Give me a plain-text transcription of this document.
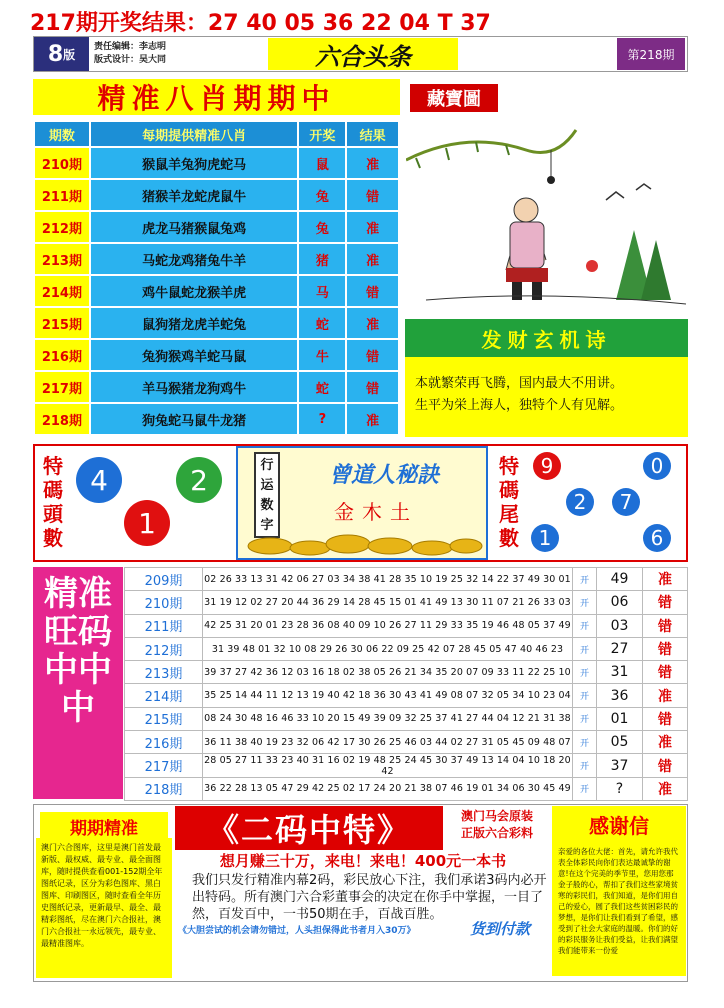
217期开奖结果：27 40 05 36 22 04 T 37
8 版
责任编辑：李志明
版式设计：吴大同	六合头条	第218期
精准八肖期期中	藏寶圖
期数	每期提供精准八肖	开奖	结果
210期	猴鼠羊兔狗虎蛇马	鼠	准
211期	猪猴羊龙蛇虎鼠牛	兔	错
212期	虎龙马猪猴鼠兔鸡	兔	准
213期	马蛇龙鸡猪兔牛羊	猪	准
214期	鸡牛鼠蛇龙猴羊虎	马	错
215期	鼠狗猪龙虎羊蛇兔	蛇	准
216期	兔狗猴鸡羊蛇马鼠	牛	错
217期	羊马猴猪龙狗鸡牛	蛇	错
218期	狗兔蛇马鼠牛龙猪	?	准
发财玄机诗
本就繁荣再飞腾，国内最大不用讲。
生平为栄上海人，独特个人有见解。
特碼頭數
4	2
1
行运数字
曾道人秘訣
金木土
特碼尾數
9	0
2	7
1	6
精准旺码中中中
209期	02 26 33 13 31 42 06 27 03 34 38 41 28 35 10 19 25 32 14 22 37 49 30 01	开	49	准
210期	31 19 12 02 27 20 44 36 29 14 28 45 15 01 41 49 13 30 11 07 21 26 33 03	开	06	错
211期	42 25 31 20 01 23 28 36 08 40 09 10 26 27 11 29 33 35 19 46 48 05 37 49	开	03	错
212期	31 39 48 01 32 10 08 29 26 30 06 22 09 25 42 07 28 45 05 47 40 46 23	开	27	错
213期	39 37 27 42 36 12 03 16 18 02 38 05 26 21 34 35 20 07 09 33 11 22 25 10	开	31	错
214期	35 25 14 44 11 12 13 19 40 42 18 36 30 43 41 49 08 07 32 05 34 10 23 04	开	36	准
215期	08 24 30 48 16 46 33 10 20 15 49 39 09 32 25 37 41 27 44 04 12 21 31 38	开	01	错
216期	36 11 38 40 19 23 32 06 42 17 30 26 25 46 03 44 02 27 31 05 45 09 48 07	开	05	准
217期	28 05 27 11 33 23 40 31 16 02 19 48 25 24 45 30 37 49 13 14 04 10 18 20 42	开	37	错
218期	36 22 28 13 05 47 29 42 25 02 17 24 20 21 38 07 46 19 01 34 06 30 45 49	开	?	准
澳门六合图库，这里是澳门首发最新版、最权威、最专业、最全面图库，随时提供查看001-152期全年图纸记录，区分为彩色图库、黑白图库、印刷图区，随时查看全年历史图纸记录，更新最早、最全、最精彩图纸，尽在澳门六合报社，澳门六合报社一永远领先，最专业、最精准图库。
期期精准	《二码中特》	澳门马会原装
正版六合彩料
想月赚三十万，来电！来电！400元一本书
我们只发行精准内幕2码，彩民放心下注，我们承诺3码内必开出特码。所有澳门六合彩董事会的决定在你手中掌握，一目了然，百发百中，一书50期在手，百战百胜。
《大胆尝试的机会请勿错过，人头担保得此书者月入30万》	货到付款
感谢信
亲爱的各位大佬：首先，请允许我代表全体彩民向你们表达最诚挚的谢意!在这个完美的季节里，您用您那金子般的心，帮扣了我们这些家境贫寒的彩民们，我们知道，是你们用自己的爱心，圆了我们这些贫困彩民的梦想，是你们让我们看到了希望，感受到了社会大家庭的温暖。你们的好的彩民服务让我们受益，让我们满望我们能带来一份爱
